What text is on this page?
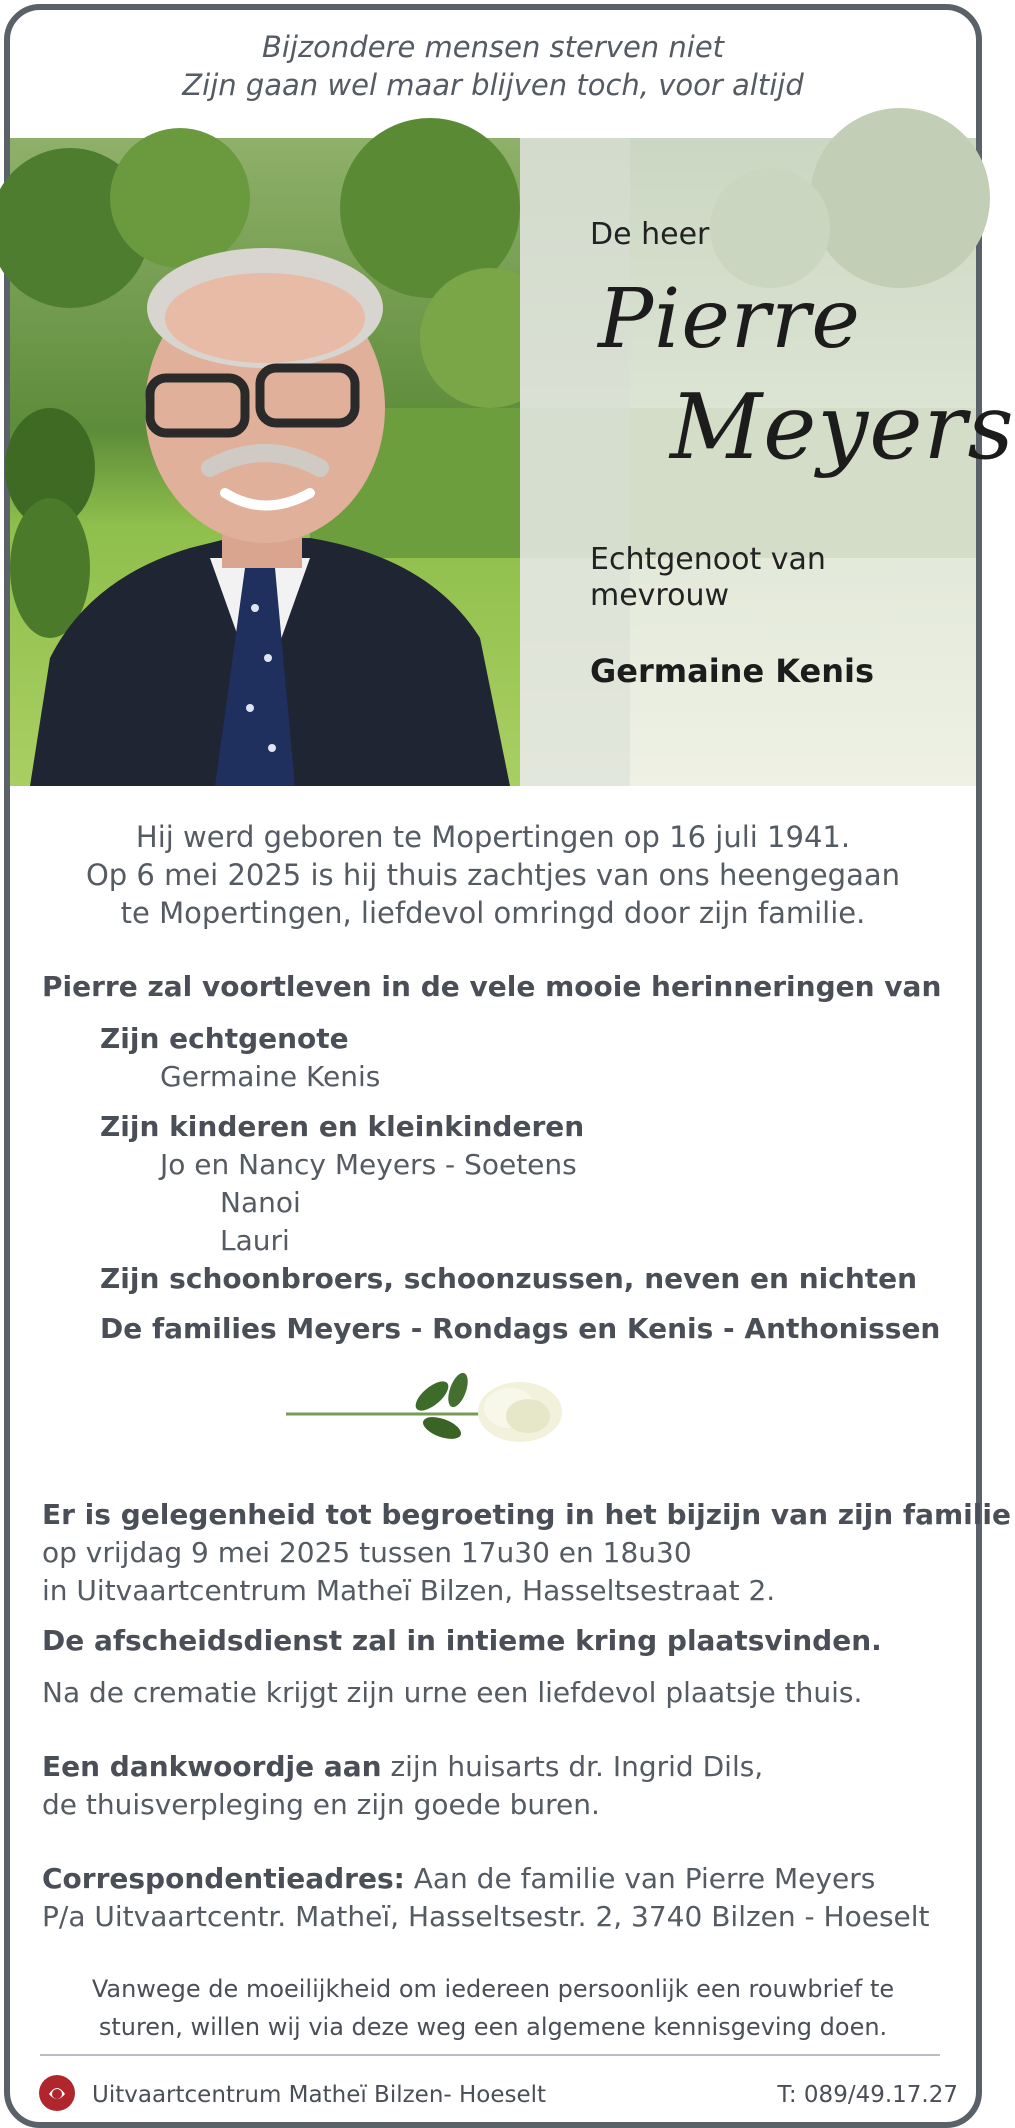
Bijzondere mensen sterven niet
Zijn gaan wel maar blijven toch, voor altijd
De heer
Pierre
Meyers
Echtgenoot van
mevrouw
Germaine Kenis
Hij werd geboren te Mopertingen op 16 juli 1941.
Op 6 mei 2025 is hij thuis zachtjes van ons heengegaan
te Mopertingen, liefdevol omringd door zijn familie.
Pierre zal voortleven in de vele mooie herinneringen van
Zijn echtgenote
Germaine Kenis
Zijn kinderen en kleinkinderen
Jo en Nancy Meyers - Soetens
Nanoi
Lauri
Zijn schoonbroers, schoonzussen, neven en nichten
De families Meyers - Rondags en Kenis - Anthonissen
Er is gelegenheid tot begroeting in het bijzijn van zijn familie
op vrijdag 9 mei 2025 tussen 17u30 en 18u30
in Uitvaartcentrum Matheï Bilzen, Hasseltsestraat 2.
De afscheidsdienst zal in intieme kring plaatsvinden.
Na de crematie krijgt zijn urne een liefdevol plaatsje thuis.
Een dankwoordje aan zijn huisarts dr. Ingrid Dils,
de thuisverpleging en zijn goede buren.
Correspondentieadres: Aan de familie van Pierre Meyers
P/a Uitvaartcentr. Matheï, Hasseltsestr. 2, 3740 Bilzen - Hoeselt
Vanwege de moeilijkheid om iedereen persoonlijk een rouwbrief te
sturen, willen wij via deze weg een algemene kennisgeving doen.
Uitvaartcentrum Matheï Bilzen- Hoeselt	T: 089/49.17.27
